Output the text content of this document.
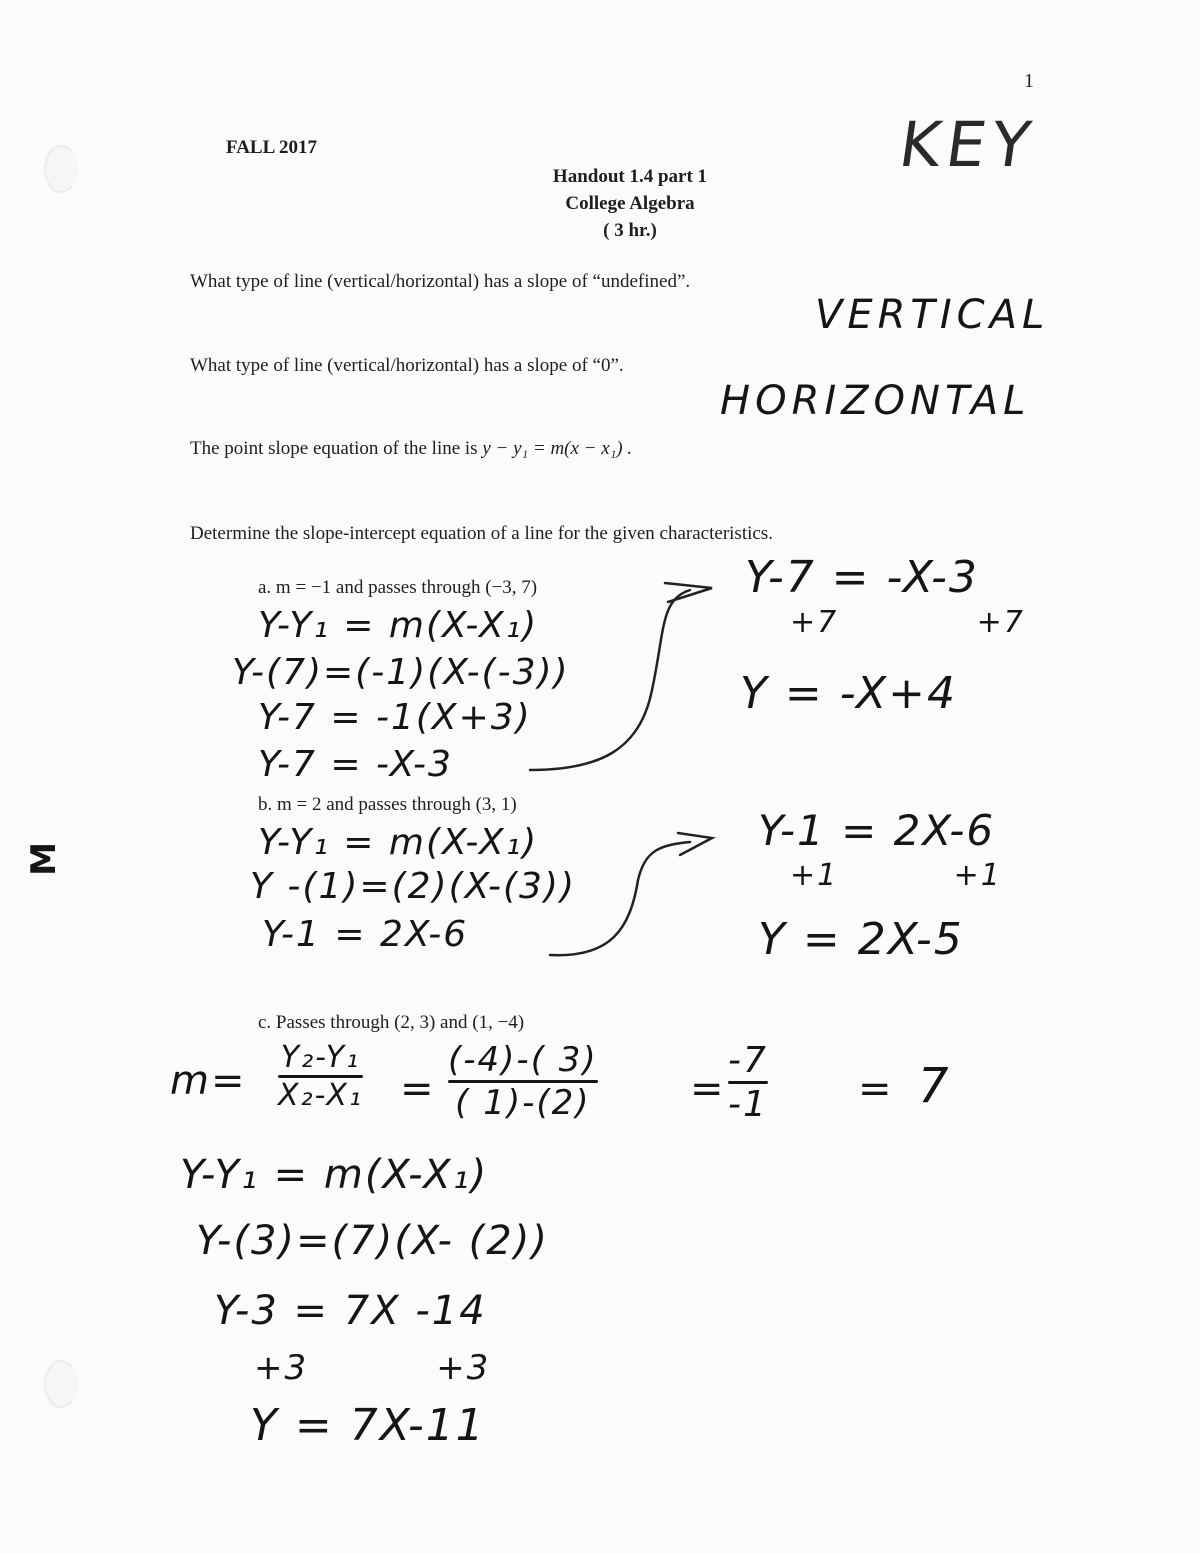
M
1
FALL 2017	KEY
Handout 1.4 part 1
College Algebra
( 3 hr.)
What type of line (vertical/horizontal) has a slope of “undefined”.
VERTICAL
What type of line (vertical/horizontal) has a slope of “0”.
HORIZONTAL
The point slope equation of the line is y − y₁ = m(x − x₁) .
Determine the slope-intercept equation of a line for the given characteristics.
a. m = −1 and passes through (−3, 7)
Y-Y₁ = m(X-X₁)
Y-(7)=(-1)(X-(-3))
Y-7 = -1(X+3)
Y-7 = -X-3
Y-7 = -X-3
+7            +7
Y = -X+4
b. m = 2 and passes through (3, 1)
Y-Y₁ = m(X-X₁)
Y -(1)=(2)(X-(3))
Y-1 = 2X-6
Y-1 = 2X-6
+1          +1
Y = 2X-5
c. Passes through (2, 3) and (1, −4)
m=
Y₂-Y₁
X₂-X₁ =
(-4)-( 3)
( 1)-(2) =
-7
-1 = 7
Y-Y₁ = m(X-X₁)
Y-(3)=(7)(X- (2))
Y-3 = 7X -14
+3          +3
Y = 7X-11
